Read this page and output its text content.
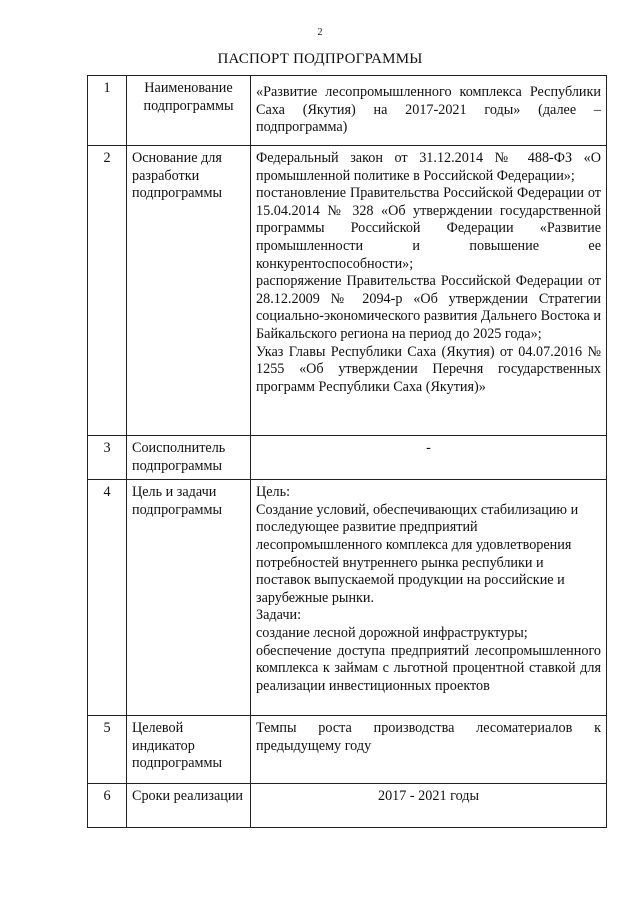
2
ПАСПОРТ ПОДПРОГРАММЫ
1	Наименование подпрограммы	«Развитие лесопромышленного комплекса Республики Саха (Якутия) на 2017-2021 годы» (далее – подпрограмма)

2	Основание для разработки подпрограммы	Федеральный закон от 31.12.2014 № 488-ФЗ «О промышленной политике в Российской Федерации»;
постановление Правительства Российской Федерации от 15.04.2014 № 328 «Об утверждении государственной программы Российской Федерации «Развитие промышленности и повышение ее конкурентоспособности»;
распоряжение Правительства Российской Федерации от 28.12.2009 № 2094-р «Об утверждении Стратегии социально-экономического развития Дальнего Востока и Байкальского региона на период до 2025 года»;
Указ Главы Республики Саха (Якутия) от 04.07.2016 № 1255 «Об утверждении Перечня государственных программ Республики Саха (Якутия)»

3	Соисполнитель подпрограммы	-

4	Цель и задачи подпрограммы	Цель:
Создание условий, обеспечивающих стабилизацию и последующее развитие предприятий лесопромышленного комплекса для удовлетворения потребностей внутреннего рынка республики и поставок выпускаемой продукции на российские и зарубежные рынки.
Задачи:
создание лесной дорожной инфраструктуры;
обеспечение доступа предприятий лесопромышленного комплекса к займам с льготной процентной ставкой для реализации инвестиционных проектов

5	Целевой индикатор подпрограммы	Темпы роста производства лесоматериалов к предыдущему году

6	Сроки реализации	2017 - 2021 годы
